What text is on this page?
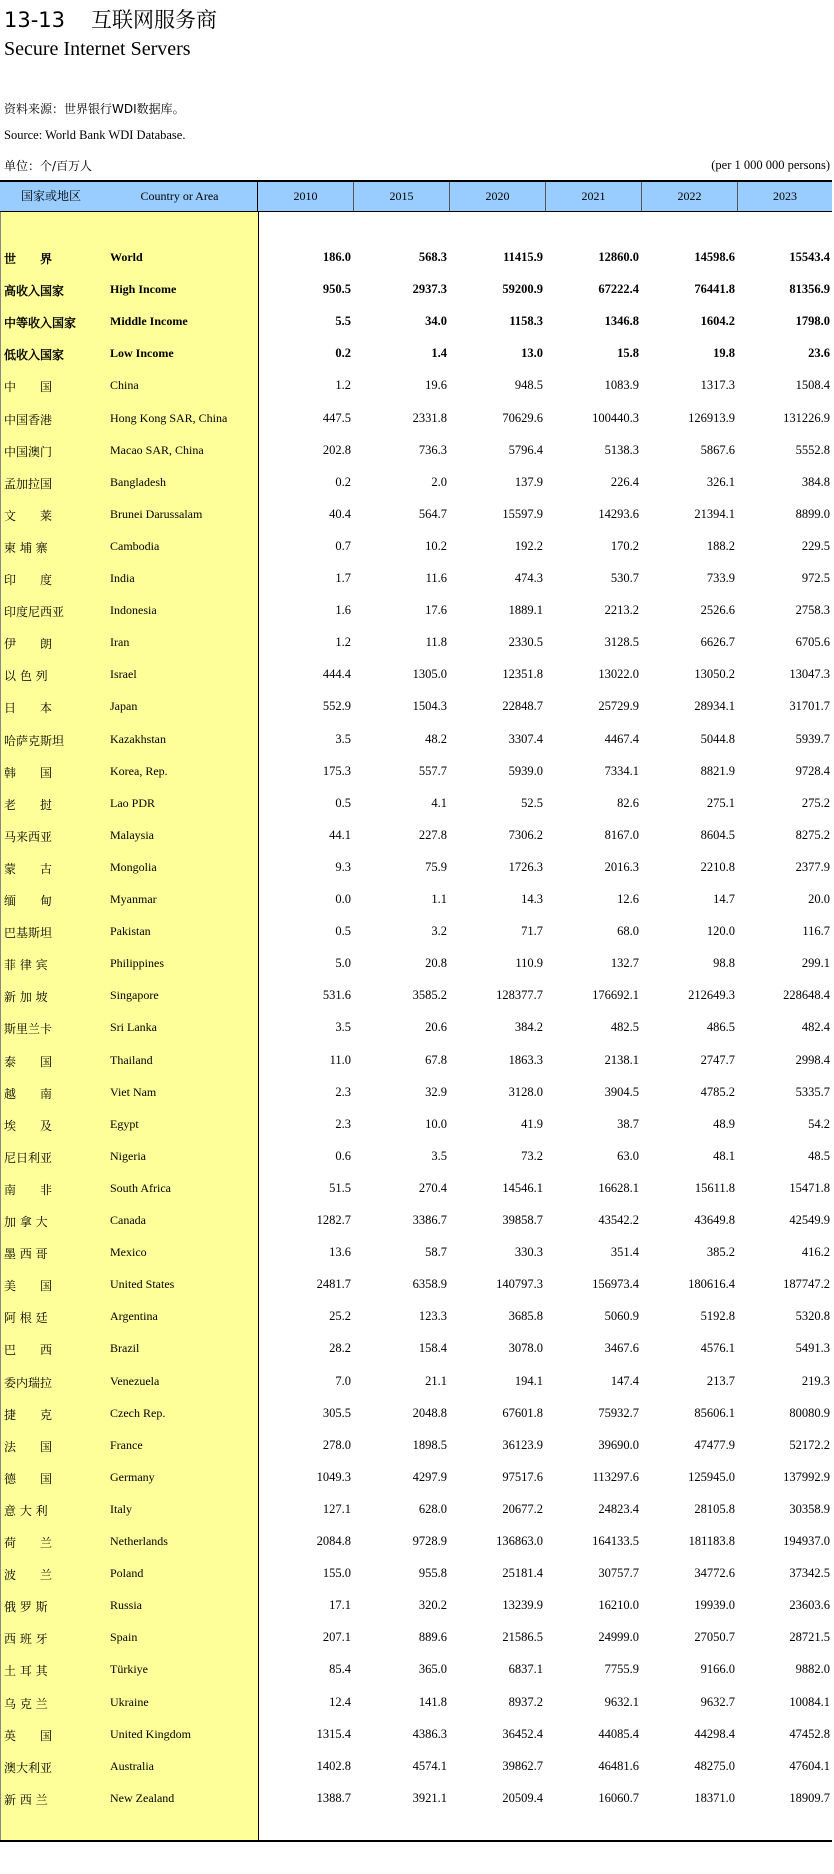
13-13 互联网服务商
Secure Internet Servers
资料来源：世界银行WDI数据库。
Source: World Bank WDI Database.
单位：个/百万人	(per 1 000 000 persons)
国家或地区	Country or Area	2010	2015	2020	2021	2022	2023
世　　界	World	186.0	568.3	11415.9	12860.0	14598.6	15543.4
高收入国家	High Income	950.5	2937.3	59200.9	67222.4	76441.8	81356.9
中等收入国家	Middle Income	5.5	34.0	1158.3	1346.8	1604.2	1798.0
低收入国家	Low Income	0.2	1.4	13.0	15.8	19.8	23.6
中　　国	China	1.2	19.6	948.5	1083.9	1317.3	1508.4
中国香港	Hong Kong SAR, China	447.5	2331.8	70629.6	100440.3	126913.9	131226.9
中国澳门	Macao SAR, China	202.8	736.3	5796.4	5138.3	5867.6	5552.8
孟加拉国	Bangladesh	0.2	2.0	137.9	226.4	326.1	384.8
文　　莱	Brunei Darussalam	40.4	564.7	15597.9	14293.6	21394.1	8899.0
柬 埔 寨	Cambodia	0.7	10.2	192.2	170.2	188.2	229.5
印　　度	India	1.7	11.6	474.3	530.7	733.9	972.5
印度尼西亚	Indonesia	1.6	17.6	1889.1	2213.2	2526.6	2758.3
伊　　朗	Iran	1.2	11.8	2330.5	3128.5	6626.7	6705.6
以 色 列	Israel	444.4	1305.0	12351.8	13022.0	13050.2	13047.3
日　　本	Japan	552.9	1504.3	22848.7	25729.9	28934.1	31701.7
哈萨克斯坦	Kazakhstan	3.5	48.2	3307.4	4467.4	5044.8	5939.7
韩　　国	Korea, Rep.	175.3	557.7	5939.0	7334.1	8821.9	9728.4
老　　挝	Lao PDR	0.5	4.1	52.5	82.6	275.1	275.2
马来西亚	Malaysia	44.1	227.8	7306.2	8167.0	8604.5	8275.2
蒙　　古	Mongolia	9.3	75.9	1726.3	2016.3	2210.8	2377.9
缅　　甸	Myanmar	0.0	1.1	14.3	12.6	14.7	20.0
巴基斯坦	Pakistan	0.5	3.2	71.7	68.0	120.0	116.7
菲 律 宾	Philippines	5.0	20.8	110.9	132.7	98.8	299.1
新 加 坡	Singapore	531.6	3585.2	128377.7	176692.1	212649.3	228648.4
斯里兰卡	Sri Lanka	3.5	20.6	384.2	482.5	486.5	482.4
泰　　国	Thailand	11.0	67.8	1863.3	2138.1	2747.7	2998.4
越　　南	Viet Nam	2.3	32.9	3128.0	3904.5	4785.2	5335.7
埃　　及	Egypt	2.3	10.0	41.9	38.7	48.9	54.2
尼日利亚	Nigeria	0.6	3.5	73.2	63.0	48.1	48.5
南　　非	South Africa	51.5	270.4	14546.1	16628.1	15611.8	15471.8
加 拿 大	Canada	1282.7	3386.7	39858.7	43542.2	43649.8	42549.9
墨 西 哥	Mexico	13.6	58.7	330.3	351.4	385.2	416.2
美　　国	United States	2481.7	6358.9	140797.3	156973.4	180616.4	187747.2
阿 根 廷	Argentina	25.2	123.3	3685.8	5060.9	5192.8	5320.8
巴　　西	Brazil	28.2	158.4	3078.0	3467.6	4576.1	5491.3
委内瑞拉	Venezuela	7.0	21.1	194.1	147.4	213.7	219.3
捷　　克	Czech Rep.	305.5	2048.8	67601.8	75932.7	85606.1	80080.9
法　　国	France	278.0	1898.5	36123.9	39690.0	47477.9	52172.2
德　　国	Germany	1049.3	4297.9	97517.6	113297.6	125945.0	137992.9
意 大 利	Italy	127.1	628.0	20677.2	24823.4	28105.8	30358.9
荷　　兰	Netherlands	2084.8	9728.9	136863.0	164133.5	181183.8	194937.0
波　　兰	Poland	155.0	955.8	25181.4	30757.7	34772.6	37342.5
俄 罗 斯	Russia	17.1	320.2	13239.9	16210.0	19939.0	23603.6
西 班 牙	Spain	207.1	889.6	21586.5	24999.0	27050.7	28721.5
土 耳 其	Türkiye	85.4	365.0	6837.1	7755.9	9166.0	9882.0
乌 克 兰	Ukraine	12.4	141.8	8937.2	9632.1	9632.7	10084.1
英　　国	United Kingdom	1315.4	4386.3	36452.4	44085.4	44298.4	47452.8
澳大利亚	Australia	1402.8	4574.1	39862.7	46481.6	48275.0	47604.1
新 西 兰	New Zealand	1388.7	3921.1	20509.4	16060.7	18371.0	18909.7
